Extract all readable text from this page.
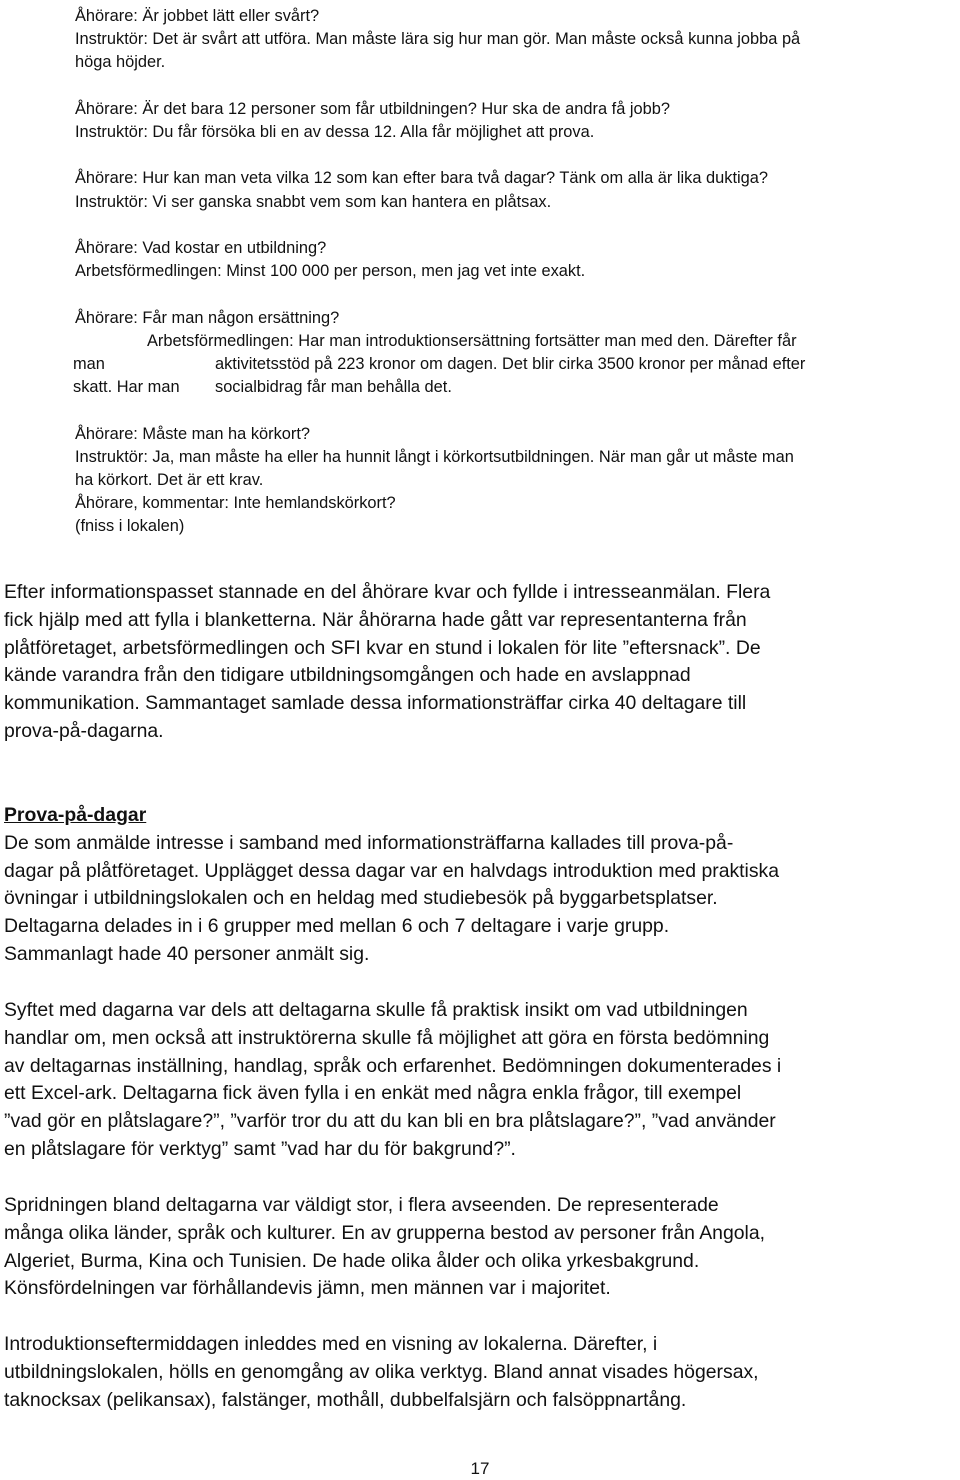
Åhörare: Är jobbet lätt eller svårt?
Instruktör: Det är svårt att utföra. Man måste lära sig hur man gör. Man måste också kunna jobba på
höga höjder.

Åhörare: Är det bara 12 personer som får utbildningen? Hur ska de andra få jobb?
Instruktör: Du får försöka bli en av dessa 12. Alla får möjlighet att prova.

Åhörare: Hur kan man veta vilka 12 som kan efter bara två dagar? Tänk om alla är lika duktiga?
Instruktör: Vi ser ganska snabbt vem som kan hantera en plåtsax.

Åhörare: Vad kostar en utbildning?
Arbetsförmedlingen: Minst 100 000 per person, men jag vet inte exakt.

Åhörare: Får man någon ersättning?
Arbetsförmedlingen: Har man introduktionsersättning fortsätter man med den. Därefter får
man	aktivitetsstöd på 223 kronor om dagen. Det blir cirka 3500 kronor per månad efter
skatt. Har man socialbidrag får man behålla det.

Åhörare: Måste man ha körkort?
Instruktör: Ja, man måste ha eller ha hunnit långt i körkortsutbildningen. När man går ut måste man
ha körkort. Det är ett krav.
Åhörare, kommentar: Inte hemlandskörkort?
(fniss i lokalen)

Efter informationspasset stannade en del åhörare kvar och fyllde i intresseanmälan. Flera
fick hjälp med att fylla i blanketterna. När åhörarna hade gått var representanterna från
plåtföretaget, arbetsförmedlingen och SFI kvar en stund i lokalen för lite ”eftersnack”. De
kände varandra från den tidigare utbildningsomgången och hade en avslappnad
kommunikation. Sammantaget samlade dessa informationsträffar cirka 40 deltagare till
prova-på-dagarna.

Prova-på-dagar

De som anmälde intresse i samband med informationsträffarna kallades till prova-på-
dagar på plåtföretaget. Upplägget dessa dagar var en halvdags introduktion med praktiska
övningar i utbildningslokalen och en heldag med studiebesök på byggarbetsplatser.
Deltagarna delades in i 6 grupper med mellan 6 och 7 deltagare i varje grupp.
Sammanlagt hade 40 personer anmält sig.

Syftet med dagarna var dels att deltagarna skulle få praktisk insikt om vad utbildningen
handlar om, men också att instruktörerna skulle få möjlighet att göra en första bedömning
av deltagarnas inställning, handlag, språk och erfarenhet. Bedömningen dokumenterades i
ett Excel-ark. Deltagarna fick även fylla i en enkät med några enkla frågor, till exempel
”vad gör en plåtslagare?”, ”varför tror du att du kan bli en bra plåtslagare?”, ”vad använder
en plåtslagare för verktyg” samt ”vad har du för bakgrund?”.

Spridningen bland deltagarna var väldigt stor, i flera avseenden. De representerade
många olika länder, språk och kulturer. En av grupperna bestod av personer från Angola,
Algeriet, Burma, Kina och Tunisien. De hade olika ålder och olika yrkesbakgrund.
Könsfördelningen var förhållandevis jämn, men männen var i majoritet.

Introduktionseftermiddagen inleddes med en visning av lokalerna. Därefter, i
utbildningslokalen, hölls en genomgång av olika verktyg. Bland annat visades högersax,
taknocksax (pelikansax), falstänger, mothåll, dubbelfalsjärn och falsöppnartång.

17
